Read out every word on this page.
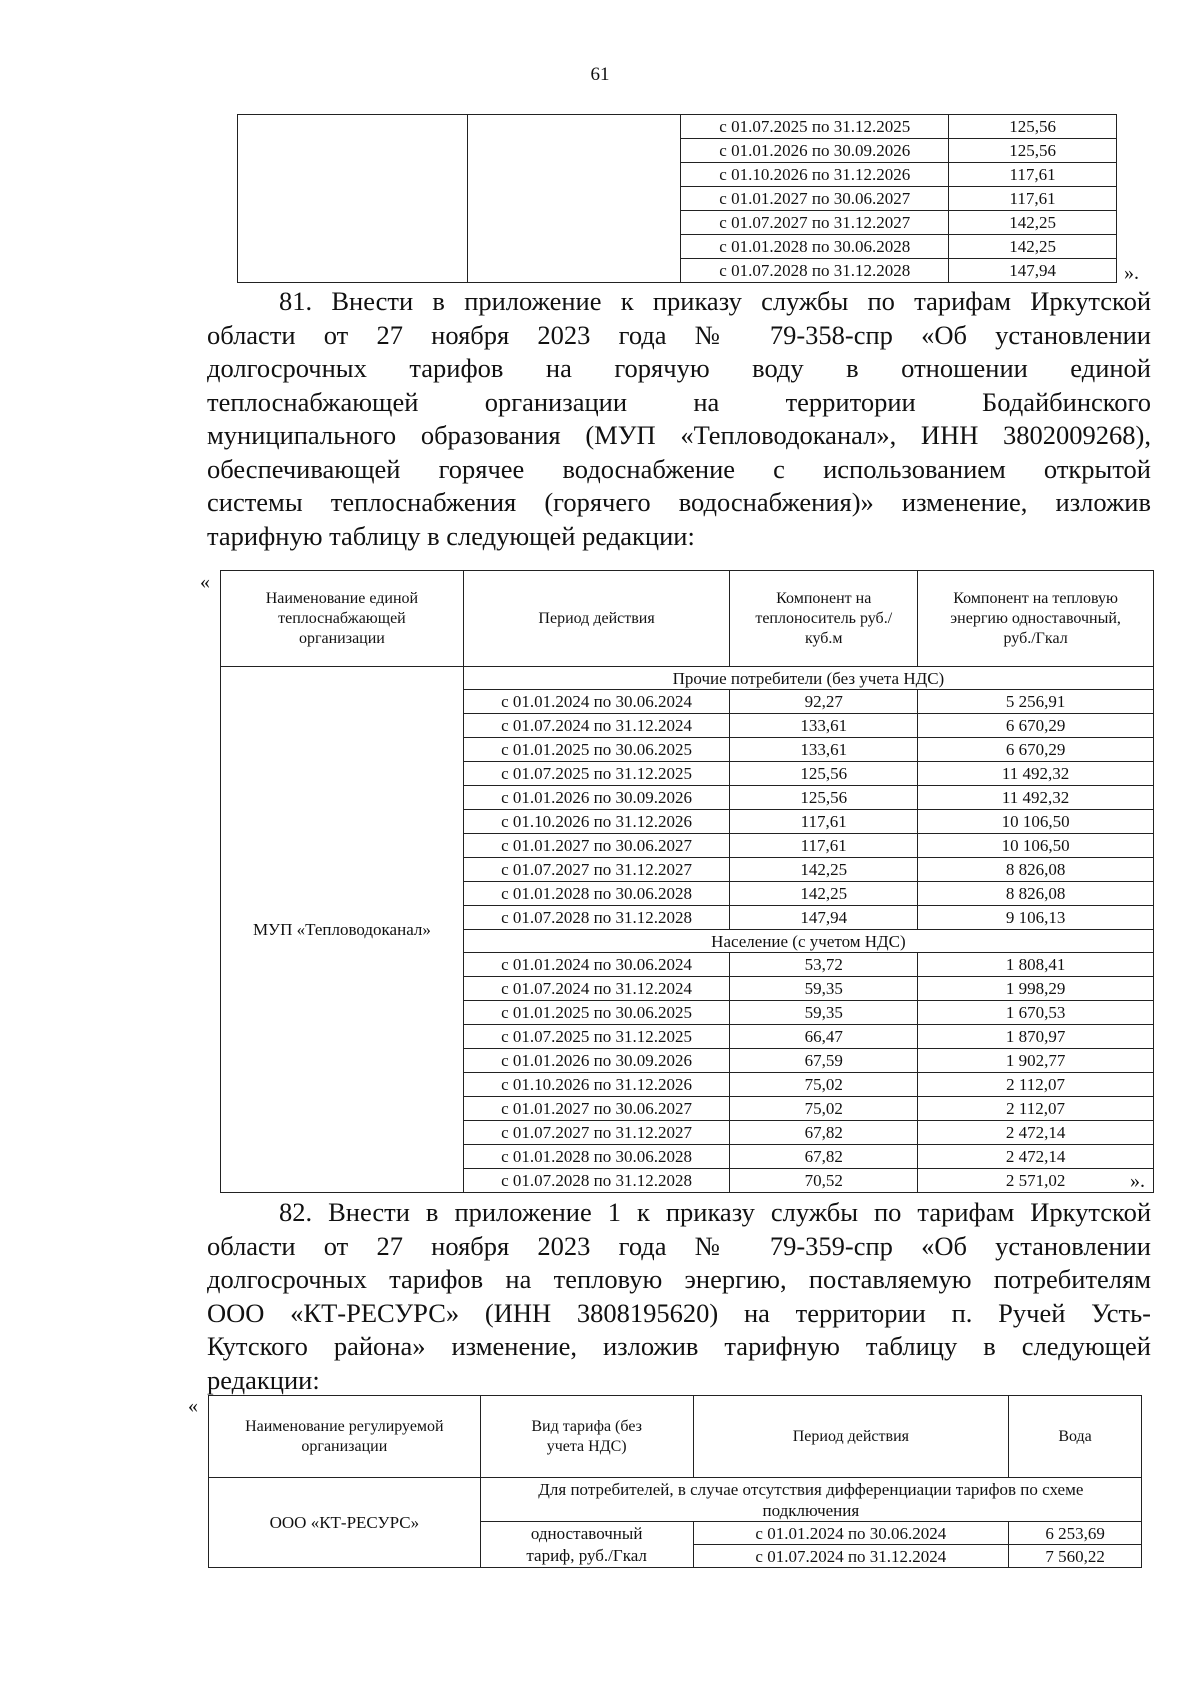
61
		с 01.07.2025 по 31.12.2025	125,56
		с 01.01.2026 по 30.09.2026	125,56
		с 01.10.2026 по 31.12.2026	117,61
		с 01.01.2027 по 30.06.2027	117,61
		с 01.07.2027 по 31.12.2027	142,25
		с 01.01.2028 по 30.06.2028	142,25
		с 01.07.2028 по 31.12.2028	147,94	».
81. Внести в приложение к приказу службы по тарифам Иркутской
области от 27 ноября 2023 года № 79-358-спр «Об установлении
долгосрочных тарифов на горячую воду в отношении единой
теплоснабжающей организации на территории Бодайбинского
муниципального образования (МУП «Тепловодоканал», ИНН 3802009268),
обеспечивающей горячее водоснабжение с использованием открытой
системы теплоснабжения (горячего водоснабжения)» изменение, изложив
тарифную таблицу в следующей редакции:
«
Наименование единой теплоснабжающей организации	Период действия	Компонент на теплоноситель руб./куб.м	Компонент на тепловую энергию одноставочный, руб./Гкал
МУП «Тепловодоканал»	Прочие потребители (без учета НДС)		
	с 01.01.2024 по 30.06.2024	92,27	5 256,91
	с 01.07.2024 по 31.12.2024	133,61	6 670,29
	с 01.01.2025 по 30.06.2025	133,61	6 670,29
	с 01.07.2025 по 31.12.2025	125,56	11 492,32
	с 01.01.2026 по 30.09.2026	125,56	11 492,32
	с 01.10.2026 по 31.12.2026	117,61	10 106,50
	с 01.01.2027 по 30.06.2027	117,61	10 106,50
	с 01.07.2027 по 31.12.2027	142,25	8 826,08
	с 01.01.2028 по 30.06.2028	142,25	8 826,08
	с 01.07.2028 по 31.12.2028	147,94	9 106,13
	Население (с учетом НДС)		
	с 01.01.2024 по 30.06.2024	53,72	1 808,41
	с 01.07.2024 по 31.12.2024	59,35	1 998,29
	с 01.01.2025 по 30.06.2025	59,35	1 670,53
	с 01.07.2025 по 31.12.2025	66,47	1 870,97
	с 01.01.2026 по 30.09.2026	67,59	1 902,77
	с 01.10.2026 по 31.12.2026	75,02	2 112,07
	с 01.01.2027 по 30.06.2027	75,02	2 112,07
	с 01.07.2027 по 31.12.2027	67,82	2 472,14
	с 01.01.2028 по 30.06.2028	67,82	2 472,14
	с 01.07.2028 по 31.12.2028	70,52	2 571,02	».
82. Внести в приложение 1 к приказу службы по тарифам Иркутской
области от 27 ноября 2023 года № 79-359-спр «Об установлении
долгосрочных тарифов на тепловую энергию, поставляемую потребителям
ООО «КТ-РЕСУРС» (ИНН 3808195620) на территории п. Ручей Усть-
Кутского района» изменение, изложив тарифную таблицу в следующей
редакции:
«
Наименование регулируемой организации	Вид тарифа (без учета НДС)	Период действия	Вода
ООО «КТ-РЕСУРС»	Для потребителей, в случае отсутствия дифференциации тарифов по схеме подключения		
	одноставочный тариф, руб./Гкал	с 01.01.2024 по 30.06.2024	6 253,69
		с 01.07.2024 по 31.12.2024	7 560,22
